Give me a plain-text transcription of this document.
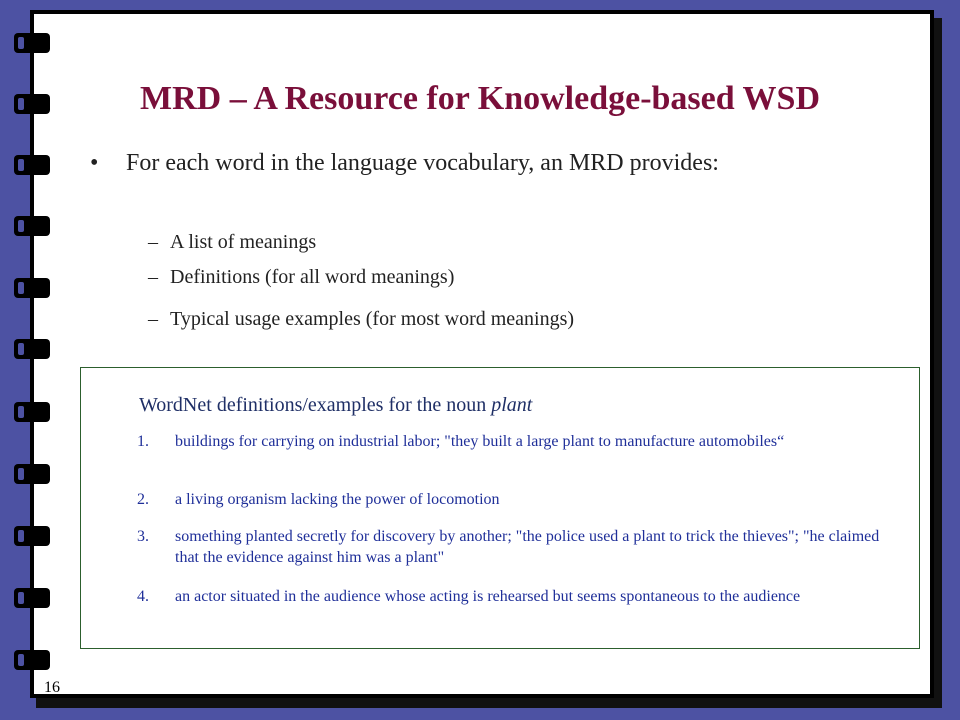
MRD – A Resource for Knowledge-based WSD
• For each word in the language vocabulary, an MRD provides:
– A list of meanings
– Definitions (for all word meanings)
– Typical usage examples (for most word meanings)
WordNet definitions/examples for the noun plant
1. buildings for carrying on industrial labor; "they built a large plant to manufacture automobiles“
2. a living organism lacking the power of locomotion
3. something planted secretly for discovery by another; "the police used a plant to trick the thieves"; "he claimed that the evidence against him was a plant"
4. an actor situated in the audience whose acting is rehearsed but seems spontaneous to the audience
16
